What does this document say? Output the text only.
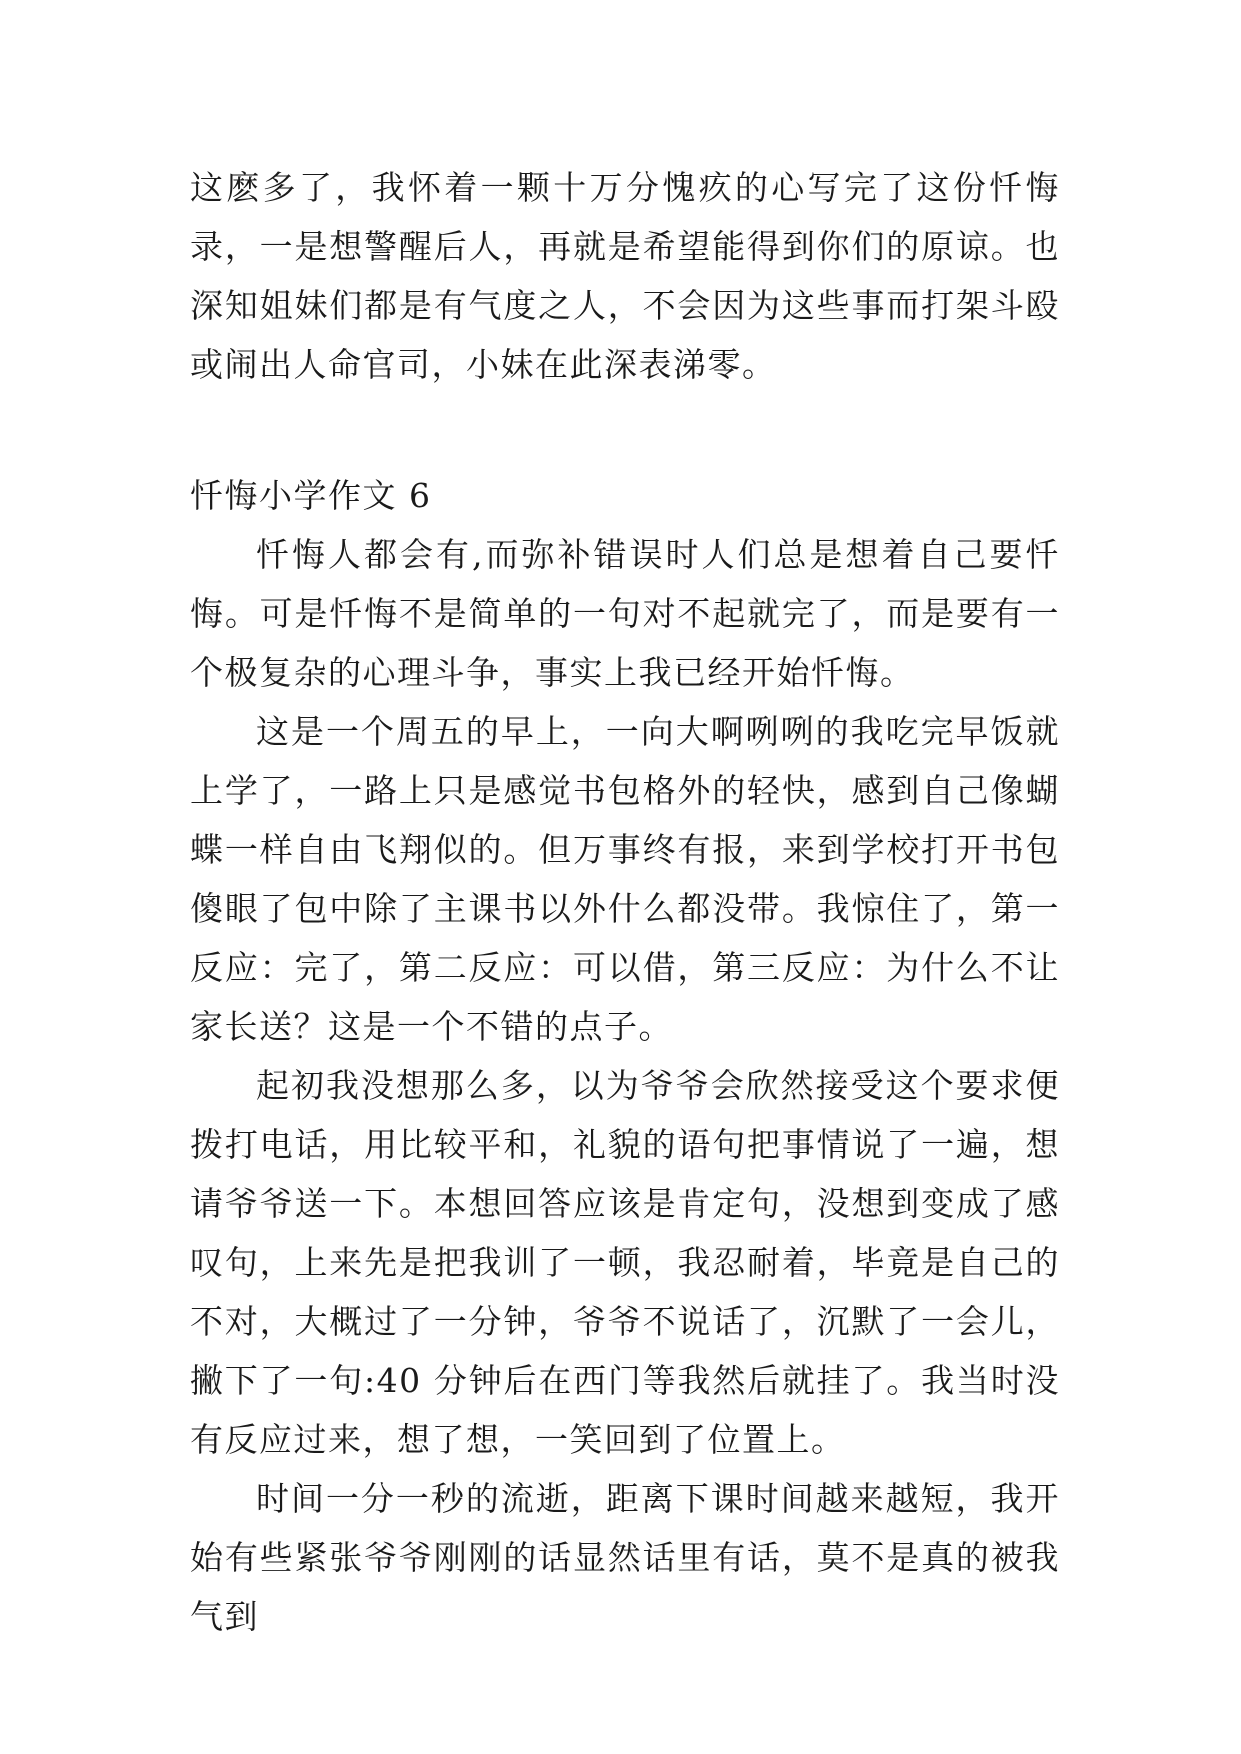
这麽多了，我怀着一颗十万分愧疚的心写完了这份忏悔录，一是想警醒后人，再就是希望能得到你们的原谅。也深知姐妹们都是有气度之人，不会因为这些事而打架斗殴或闹出人命官司，小妹在此深表涕零。

忏悔小学作文 6

忏悔人都会有,而弥补错误时人们总是想着自己要忏悔。可是忏悔不是简单的一句对不起就完了，而是要有一个极复杂的心理斗争，事实上我已经开始忏悔。

这是一个周五的早上，一向大啊咧咧的我吃完早饭就上学了，一路上只是感觉书包格外的轻快，感到自己像蝴蝶一样自由飞翔似的。但万事终有报，来到学校打开书包傻眼了包中除了主课书以外什么都没带。我惊住了，第一反应：完了，第二反应：可以借，第三反应：为什么不让家长送？这是一个不错的点子。

起初我没想那么多，以为爷爷会欣然接受这个要求便拨打电话，用比较平和，礼貌的语句把事情说了一遍，想请爷爷送一下。本想回答应该是肯定句，没想到变成了感叹句，上来先是把我训了一顿，我忍耐着，毕竟是自己的不对，大概过了一分钟，爷爷不说话了，沉默了一会儿，撇下了一句:40 分钟后在西门等我然后就挂了。我当时没有反应过来，想了想，一笑回到了位置上。

时间一分一秒的流逝，距离下课时间越来越短，我开始有些紧张爷爷刚刚的话显然话里有话，莫不是真的被我气到
